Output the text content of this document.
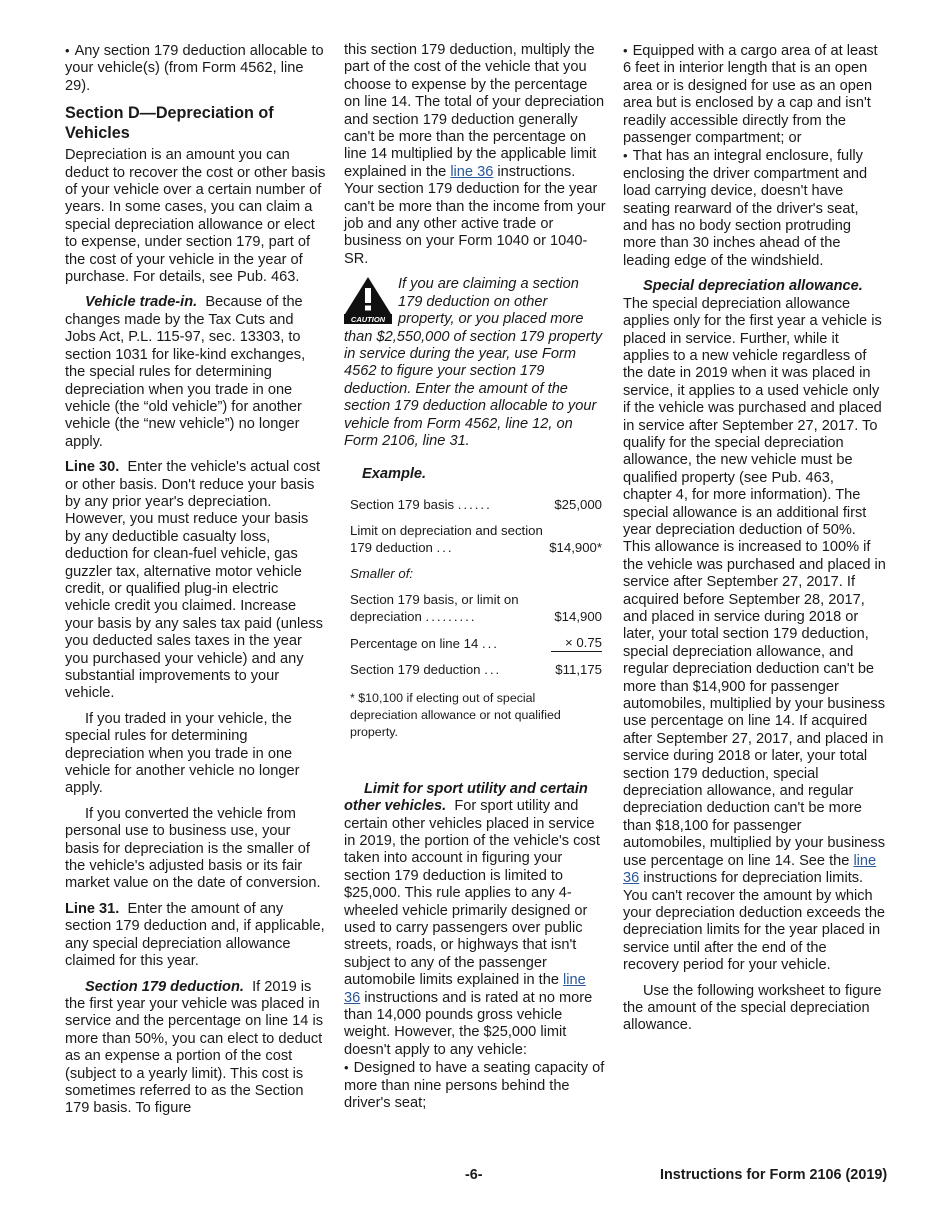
• Any section 179 deduction allocable to your vehicle(s) (from Form 4562, line 29).

Section D—Depreciation of Vehicles

Depreciation is an amount you can deduct to recover the cost or other basis of your vehicle over a certain number of years. In some cases, you can claim a special depreciation allowance or elect to expense, under section 179, part of the cost of your vehicle in the year of purchase. For details, see Pub. 463.

Vehicle trade-in. Because of the changes made by the Tax Cuts and Jobs Act, P.L. 115-97, sec. 13303, to section 1031 for like-kind exchanges, the special rules for determining depreciation when you trade in one vehicle (the “old vehicle”) for another vehicle (the “new vehicle”) no longer apply.

Line 30. Enter the vehicle's actual cost or other basis. Don't reduce your basis by any prior year's depreciation. However, you must reduce your basis by any deductible casualty loss, deduction for clean-fuel vehicle, gas guzzler tax, alternative motor vehicle credit, or qualified plug-in electric vehicle credit you claimed. Increase your basis by any sales tax paid (unless you deducted sales taxes in the year you purchased your vehicle) and any substantial improvements to your vehicle.

If you traded in your vehicle, the special rules for determining depreciation when you trade in one vehicle for another vehicle no longer apply.

If you converted the vehicle from personal use to business use, your basis for depreciation is the smaller of the vehicle's adjusted basis or its fair market value on the date of conversion.

Line 31. Enter the amount of any section 179 deduction and, if applicable, any special depreciation allowance claimed for this year.

Section 179 deduction. If 2019 is the first year your vehicle was placed in service and the percentage on line 14 is more than 50%, you can elect to deduct as an expense a portion of the cost (subject to a yearly limit). This cost is sometimes referred to as the Section 179 basis. To figure

this section 179 deduction, multiply the part of the cost of the vehicle that you choose to expense by the percentage on line 14. The total of your depreciation and section 179 deduction generally can't be more than the percentage on line 14 multiplied by the applicable limit explained in the line 36 instructions. Your section 179 deduction for the year can't be more than the income from your job and any other active trade or business on your Form 1040 or 1040-SR.

CAUTION
If you are claiming a section 179 deduction on other property, or you placed more than $2,550,000 of section 179 property in service during the year, use Form 4562 to figure your section 179 deduction. Enter the amount of the section 179 deduction allocable to your vehicle from Form 4562, line 12, on Form 2106, line 31.

Example.

Section 179 basis ......	$25,000
Limit on depreciation and section 179 deduction ...	$14,900*
Smaller of:	
Section 179 basis, or limit on depreciation .........	$14,900
Percentage on line 14 ...	× 0.75
Section 179 deduction ...	$11,175

* $10,100 if electing out of special depreciation allowance or not qualified property.

Limit for sport utility and certain other vehicles. For sport utility and certain other vehicles placed in service in 2019, the portion of the vehicle's cost taken into account in figuring your section 179 deduction is limited to $25,000. This rule applies to any 4-wheeled vehicle primarily designed or used to carry passengers over public streets, roads, or highways that isn't subject to any of the passenger automobile limits explained in the line 36 instructions and is rated at no more than 14,000 pounds gross vehicle weight. However, the $25,000 limit doesn't apply to any vehicle:

• Designed to have a seating capacity of more than nine persons behind the driver's seat;

• Equipped with a cargo area of at least 6 feet in interior length that is an open area or is designed for use as an open area but is enclosed by a cap and isn't readily accessible directly from the passenger compartment; or

• That has an integral enclosure, fully enclosing the driver compartment and load carrying device, doesn't have seating rearward of the driver's seat, and has no body section protruding more than 30 inches ahead of the leading edge of the windshield.

Special depreciation allowance. The special depreciation allowance applies only for the first year a vehicle is placed in service. Further, while it applies to a new vehicle regardless of the date in 2019 when it was placed in service, it applies to a used vehicle only if the vehicle was purchased and placed in service after September 27, 2017. To qualify for the special depreciation allowance, the new vehicle must be qualified property (see Pub. 463, chapter 4, for more information). The special allowance is an additional first year depreciation deduction of 50%. This allowance is increased to 100% if the vehicle was purchased and placed in service after September 27, 2017. If acquired before September 28, 2017, and placed in service during 2018 or later, your total section 179 deduction, special depreciation allowance, and regular depreciation deduction can't be more than $14,900 for passenger automobiles, multiplied by your business use percentage on line 14. If acquired after September 27, 2017, and placed in service during 2018 or later, your total section 179 deduction, special depreciation allowance, and regular depreciation deduction can't be more than $18,100 for passenger automobiles, multiplied by your business use percentage on line 14. See the line 36 instructions for depreciation limits. You can't recover the amount by which your depreciation deduction exceeds the depreciation limits for the year placed in service until after the end of the recovery period for your vehicle.

Use the following worksheet to figure the amount of the special depreciation allowance.

-6-	Instructions for Form 2106 (2019)
